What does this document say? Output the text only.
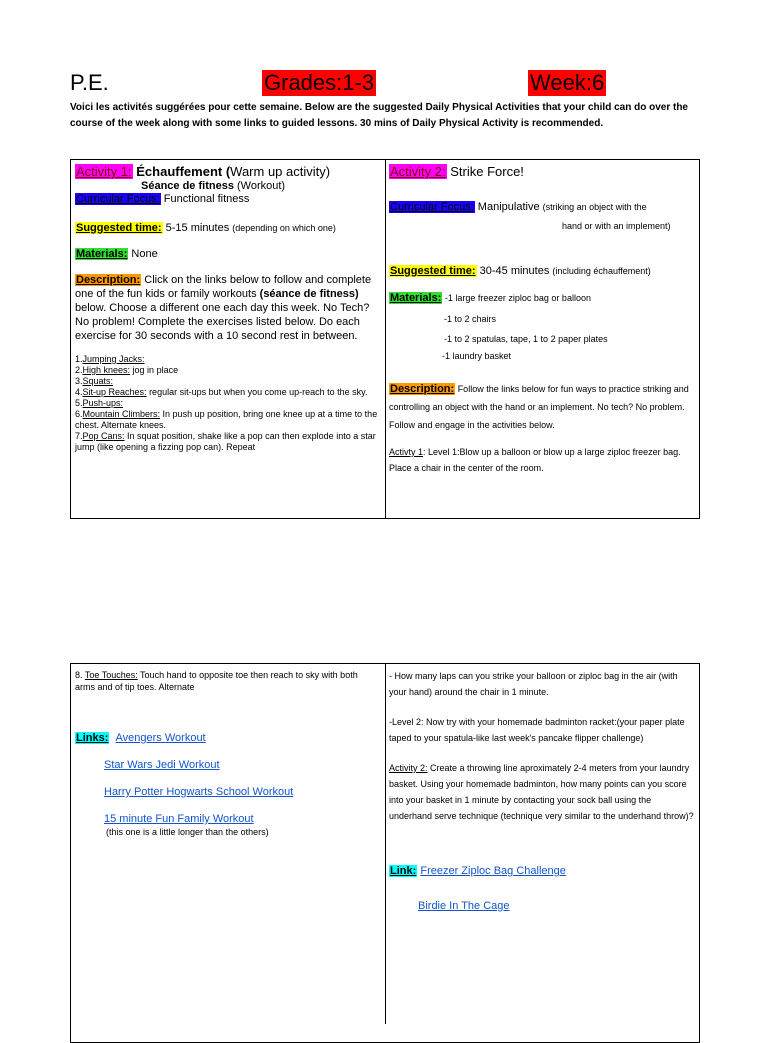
P.E.	Grades:1-3	Week:6
Voici les activités suggérées pour cette semaine. Below are the suggested Daily Physical Activities that your child can do over the course of the week along with some links to guided lessons. 30 mins of Daily Physical Activity is recommended.

Activity 1: Échauffement (Warm up activity)

Séance de fitness (Workout)

Curricular Focus: Functional fitness

Suggested time: 5-15 minutes (depending on which one)

Materials: None

Description: Click on the links below to follow and complete one of the fun kids or family workouts (séance de fitness) below. Choose a different one each day this week. No Tech? No problem! Complete the exercises listed below. Do each exercise for 30 seconds with a 10 second rest in between.

1.Jumping Jacks:

2.High knees: jog in place

3.Squats:

4.Sit-up Reaches: regular sit-ups but when you come up-reach to the sky.

5.Push-ups:

6.Mountain Climbers: In push up position, bring one knee up at a time to the chest. Alternate knees.

7.Pop Cans: In squat position, shake like a pop can then explode into a star jump (like opening a fizzing pop can). Repeat

Activity 2: Strike Force!

Curricular Focus: Manipulative (striking an object with the

hand or with an implement)

Suggested time: 30-45 minutes (including échauffement)

Materials: -1 large freezer ziploc bag or balloon

-1 to 2 chairs

-1 to 2 spatulas, tape, 1 to 2 paper plates

-1 laundry basket

Description: Follow the links below for fun ways to practice striking and controlling an object with the hand or an implement. No tech? No problem. Follow and engage in the activities below.

Activty 1: Level 1:Blow up a balloon or blow up a large ziploc freezer bag. Place a chair in the center of the room.

8. Toe Touches: Touch hand to opposite toe then reach to sky with both arms and of tip toes. Alternate

Links: Avengers Workout

Star Wars Jedi Workout

Harry Potter Hogwarts School Workout

15 minute Fun Family Workout

(this one is a little longer than the others)

- How many laps can you strike your balloon or ziploc bag in the air (with your hand) around the chair in 1 minute.

-Level 2: Now try with your homemade badminton racket:(your paper plate taped to your spatula-like last week's pancake flipper challenge)

Activity 2: Create a throwing line aproximately 2-4 meters from your laundry basket. Using your homemade badminton, how many points can you score into your basket in 1 minute by contacting your sock ball using the underhand serve technique (technique very similar to the underhand throw)?

Link: Freezer Ziploc Bag Challenge

Birdie In The Cage
